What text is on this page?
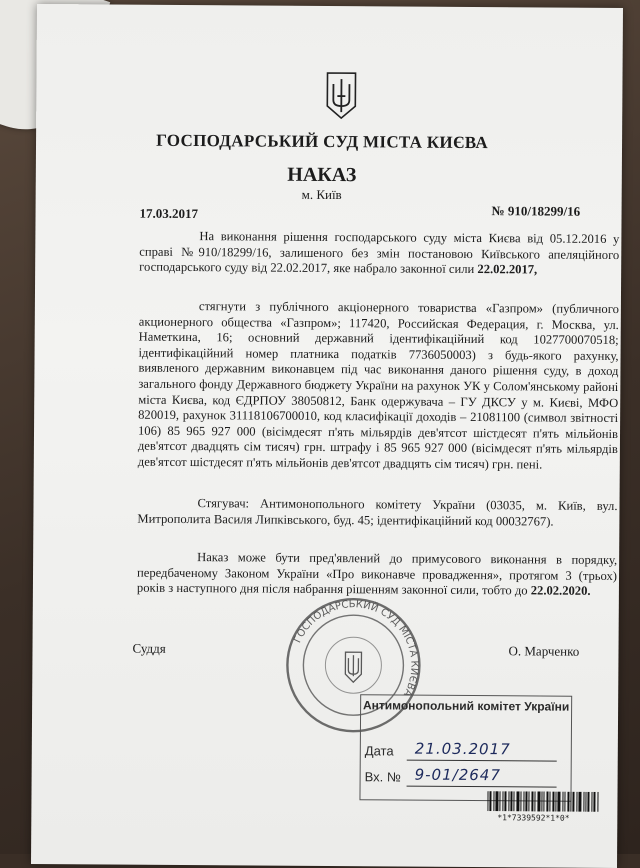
ГОСПОДАРСЬКИЙ СУД МІСТА КИЄВА
НАКАЗ
м. Київ
17.03.2017	№ 910/18299/16
На виконання рішення господарського суду міста Києва від 05.12.2016 у справі №910/18299/16, залишеного без змін постановою Київського апеляційного господарського суду від 22.02.2017, яке набрало законної сили 22.02.2017,
стягнути з публічного акціонерного товариства «Газпром» (публичного акционерного общества «Газпром»; 117420, Российская Федерация, г. Москва, ул. Наметкина, 16; основний державний ідентифікаційний код 1027700070518; ідентифікаційний номер платника податків 7736050003) з будь-якого рахунку, виявленого державним виконавцем під час виконання даного рішення суду, в доход загального фонду Державного бюджету України на рахунок УК у Солом'янському районі міста Києва, код ЄДРПОУ 38050812, Банк одержувача – ГУ ДКСУ у м. Києві, МФО 820019, рахунок 31118106700010, код класифікації доходів – 21081100 (символ звітності 106) 85 965 927 000 (вісімдесят п'ять мільярдів дев'ятсот шістдесят п'ять мільйонів дев'ятсот двадцять сім тисяч) грн. штрафу і 85 965 927 000 (вісімдесят п'ять мільярдів дев'ятсот шістдесят п'ять мільйонів дев'ятсот двадцять сім тисяч) грн. пені.
Стягувач: Антимонопольного комітету України (03035, м. Київ, вул. Митрополита Василя Липківського, буд. 45; ідентифікаційний код 00032767).
Наказ може бути пред'явлений до примусового виконання в порядку, передбаченому Законом України «Про виконавче провадження», протягом 3 (трьох) років з наступного дня після набрання рішенням законної сили, тобто до 22.02.2020.
Суддя	О. Марченко
ГОСПОДАРСЬКИЙ СУД МІСТА КИЄВА
Антимонопольний комітет України
Дата 21.03.2017
Вх. № 9-01/2647
*1*7339592*1*0*
